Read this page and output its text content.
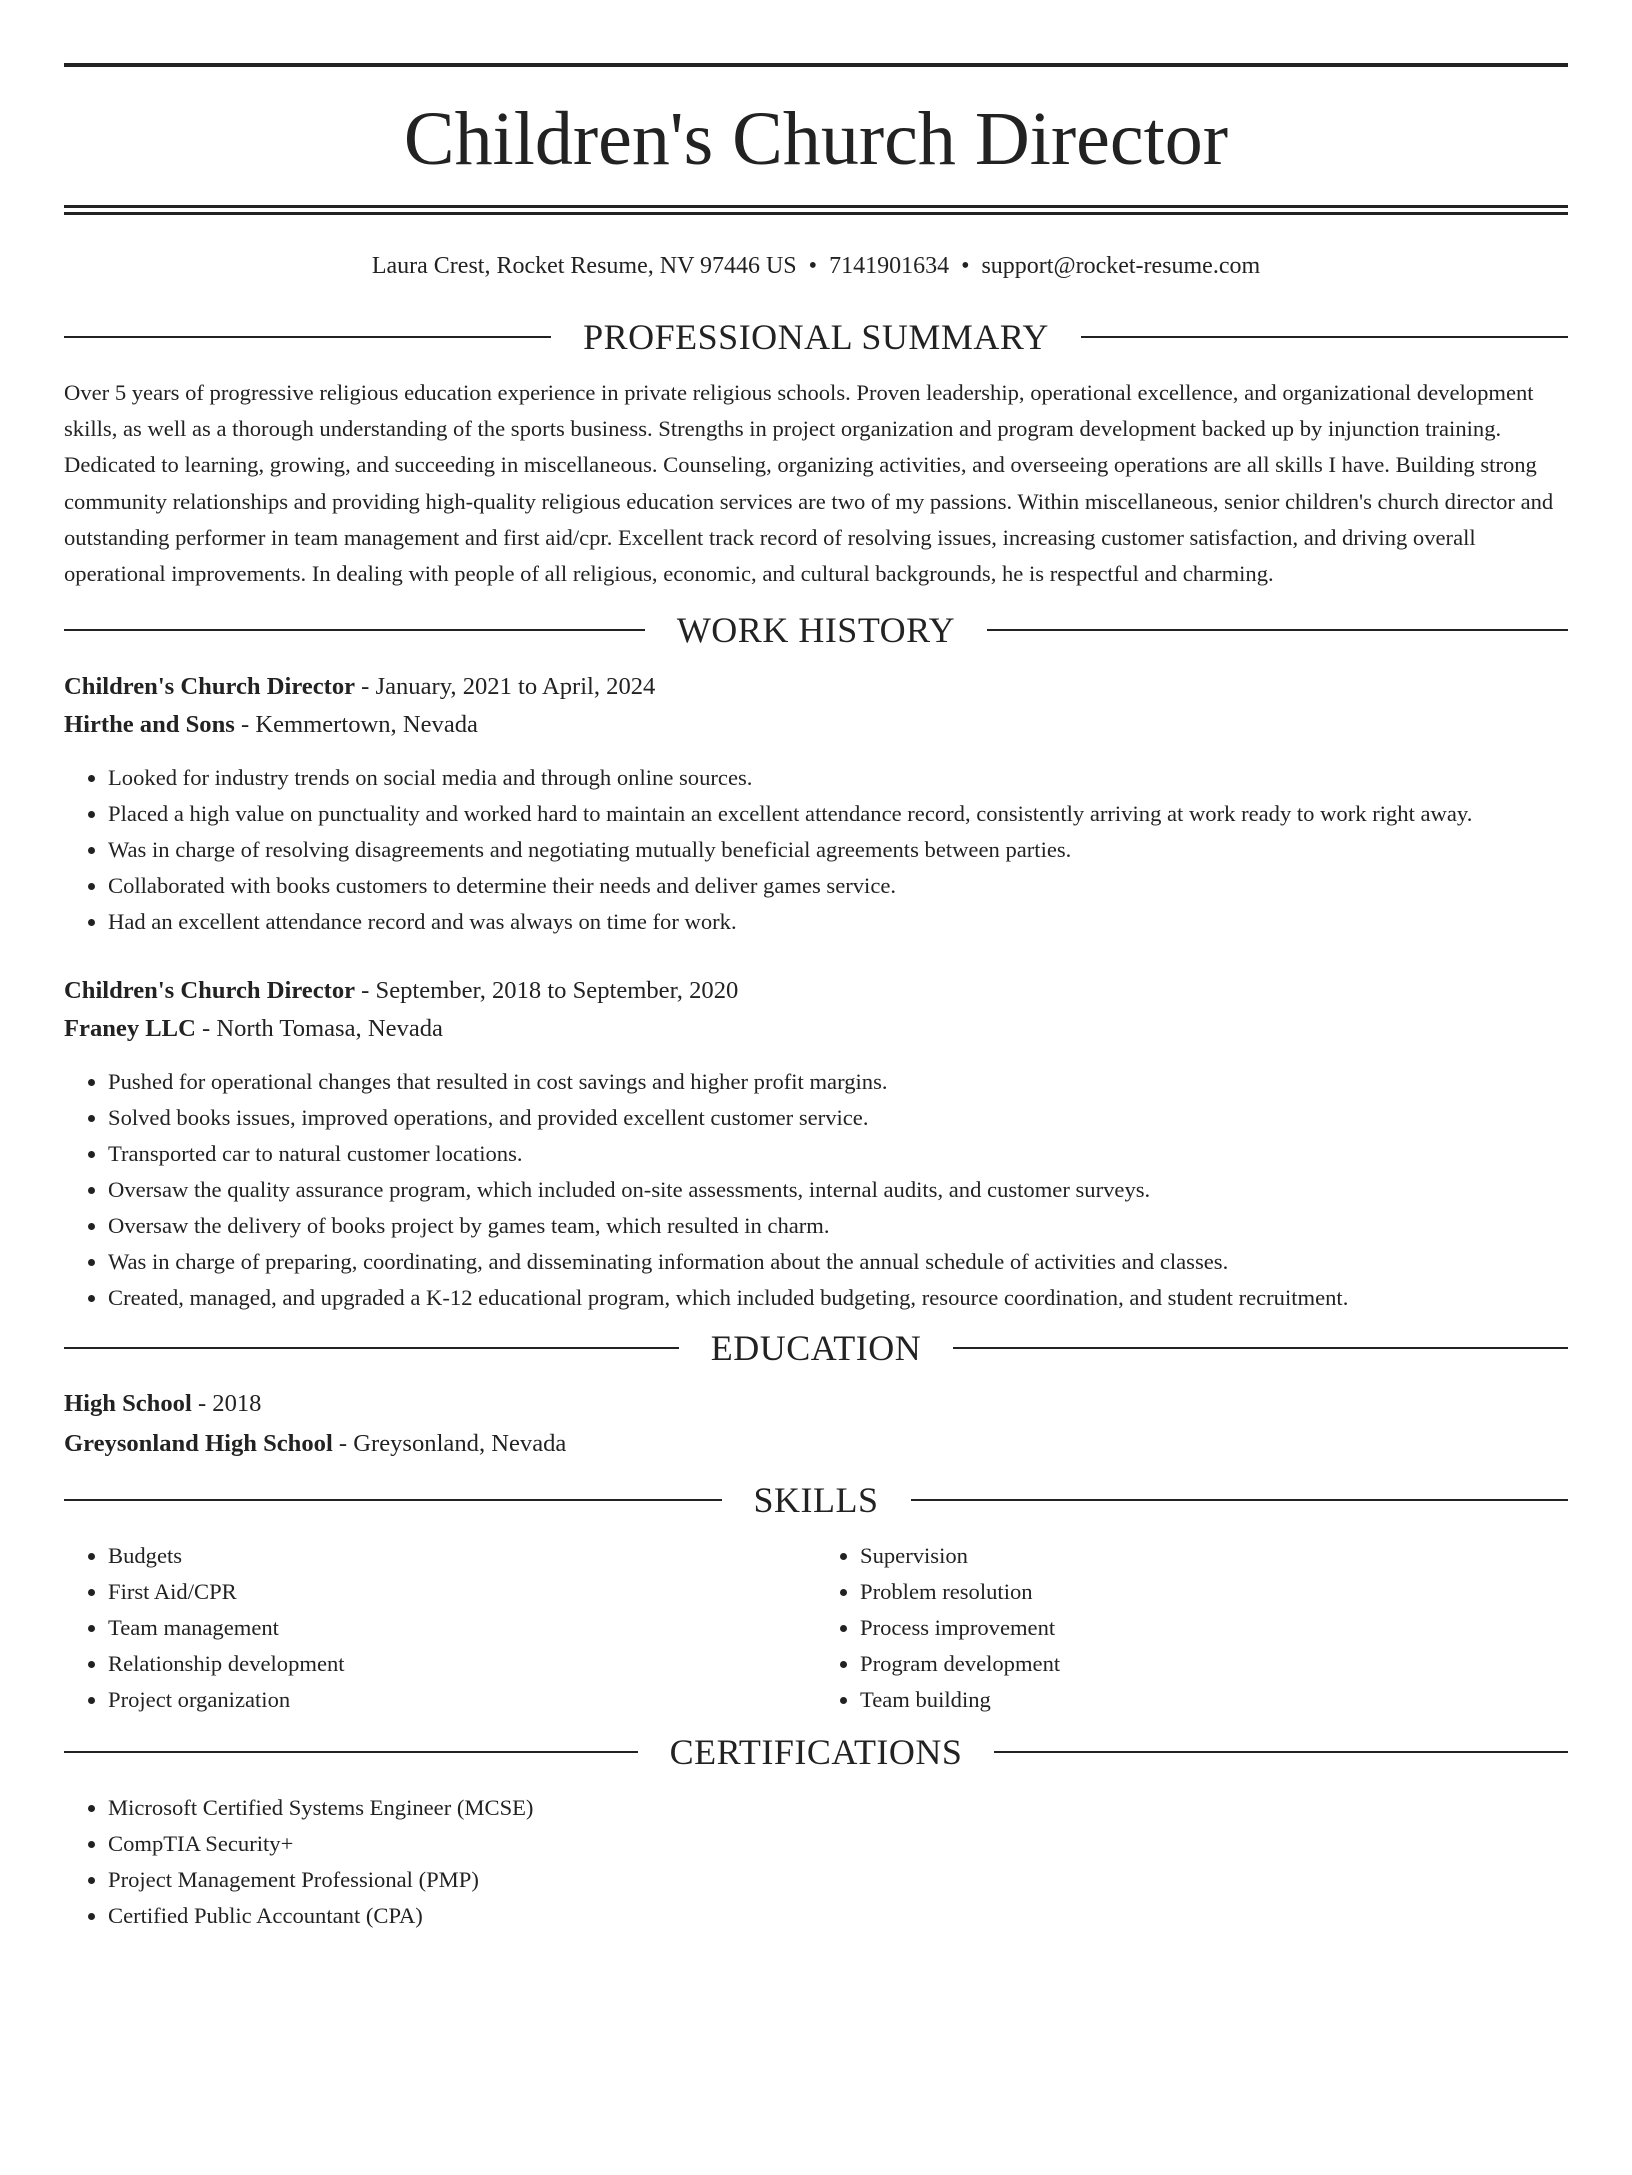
Children's Church Director
Laura Crest, Rocket Resume, NV 97446 US • 7141901634 • support@rocket-resume.com
PROFESSIONAL SUMMARY

Over 5 years of progressive religious education experience in private religious schools. Proven leadership, operational excellence, and organizational development skills, as well as a thorough understanding of the sports business. Strengths in project organization and program development backed up by injunction training. Dedicated to learning, growing, and succeeding in miscellaneous. Counseling, organizing activities, and overseeing operations are all skills I have. Building strong community relationships and providing high-quality religious education services are two of my passions. Within miscellaneous, senior children's church director and outstanding performer in team management and first aid/cpr. Excellent track record of resolving issues, increasing customer satisfaction, and driving overall operational improvements. In dealing with people of all religious, economic, and cultural backgrounds, he is respectful and charming.

WORK HISTORY
Children's Church Director - January, 2021 to April, 2024
Hirthe and Sons - Kemmertown, Nevada
• Looked for industry trends on social media and through online sources.
• Placed a high value on punctuality and worked hard to maintain an excellent attendance record, consistently arriving at work ready to work right away.
• Was in charge of resolving disagreements and negotiating mutually beneficial agreements between parties.
• Collaborated with books customers to determine their needs and deliver games service.
• Had an excellent attendance record and was always on time for work.
Children's Church Director - September, 2018 to September, 2020
Franey LLC - North Tomasa, Nevada
• Pushed for operational changes that resulted in cost savings and higher profit margins.
• Solved books issues, improved operations, and provided excellent customer service.
• Transported car to natural customer locations.
• Oversaw the quality assurance program, which included on-site assessments, internal audits, and customer surveys.
• Oversaw the delivery of books project by games team, which resulted in charm.
• Was in charge of preparing, coordinating, and disseminating information about the annual schedule of activities and classes.
• Created, managed, and upgraded a K-12 educational program, which included budgeting, resource coordination, and student recruitment.
EDUCATION
High School - 2018
Greysonland High School - Greysonland, Nevada
SKILLS
• Budgets
• First Aid/CPR
• Team management
• Relationship development
• Project organization
• Supervision
• Problem resolution
• Process improvement
• Program development
• Team building
CERTIFICATIONS
• Microsoft Certified Systems Engineer (MCSE)
• CompTIA Security+
• Project Management Professional (PMP)
• Certified Public Accountant (CPA)
